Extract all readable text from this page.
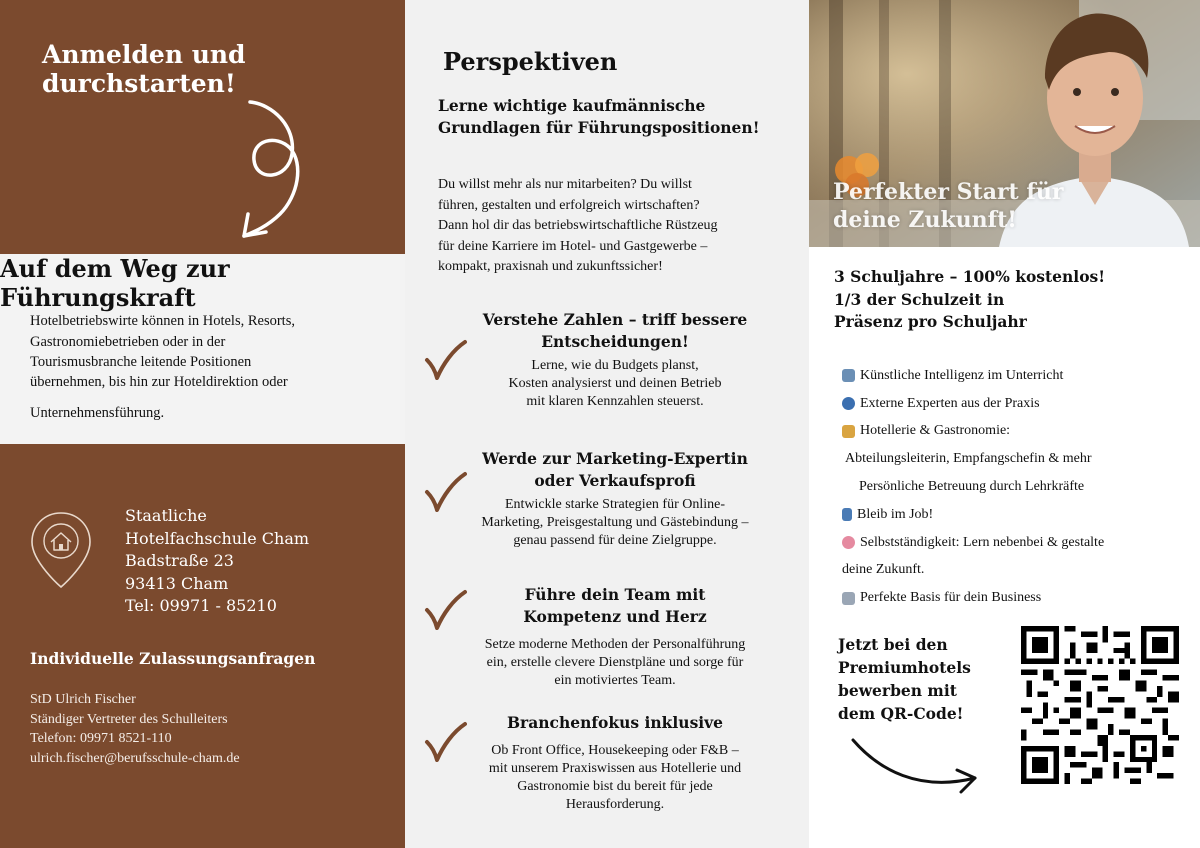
Anmelden und
durchstarten!
Auf dem Weg zur Führungskraft
Hotelbetriebswirte können in Hotels, Resorts,
Gastronomiebetrieben oder in der
Tourismusbranche leitende Positionen
übernehmen, bis hin zur Hoteldirektion oder
Unternehmensführung.
Staatliche
Hotelfachschule Cham
Badstraße 23
93413 Cham
Tel: 09971 - 85210
Individuelle Zulassungsanfragen
StD Ulrich Fischer
Ständiger Vertreter des Schulleiters
Telefon: 09971 8521-110
ulrich.fischer@berufsschule-cham.de
Perspektiven
Lerne wichtige kaufmännische
Grundlagen für Führungspositionen!
Du willst mehr als nur mitarbeiten? Du willst
führen, gestalten und erfolgreich wirtschaften?
Dann hol dir das betriebswirtschaftliche Rüstzeug
für deine Karriere im Hotel- und Gastgewerbe –
kompakt, praxisnah und zukunftssicher!
Verstehe Zahlen – triff bessere
Entscheidungen!

Lerne, wie du Budgets planst,
Kosten analysierst und deinen Betrieb
mit klaren Kennzahlen steuerst.

Werde zur Marketing-Expertin
oder Verkaufsprofi

Entwickle starke Strategien für Online-
Marketing, Preisgestaltung und Gästebindung –
genau passend für deine Zielgruppe.

Führe dein Team mit
Kompetenz und Herz

Setze moderne Methoden der Personalführung
ein, erstelle clevere Dienstpläne und sorge für
ein motiviertes Team.

Branchenfokus inklusive

Ob Front Office, Housekeeping oder F&B –
mit unserem Praxiswissen aus Hotellerie und
Gastronomie bist du bereit für jede
Herausforderung.

Perfekter Start für
deine Zukunft!
3 Schuljahre – 100% kostenlos!
1/3 der Schulzeit in
Präsenz pro Schuljahr
Künstliche Intelligenz im Unterricht
Externe Experten aus der Praxis
Hotellerie & Gastronomie:
Abteilungsleiterin, Empfangschefin & mehr
Persönliche Betreuung durch Lehrkräfte
Bleib im Job!
Selbstständigkeit: Lern nebenbei & gestalte
deine Zukunft.
Perfekte Basis für dein Business
Jetzt bei den
Premiumhotels
bewerben mit
dem QR-Code!
